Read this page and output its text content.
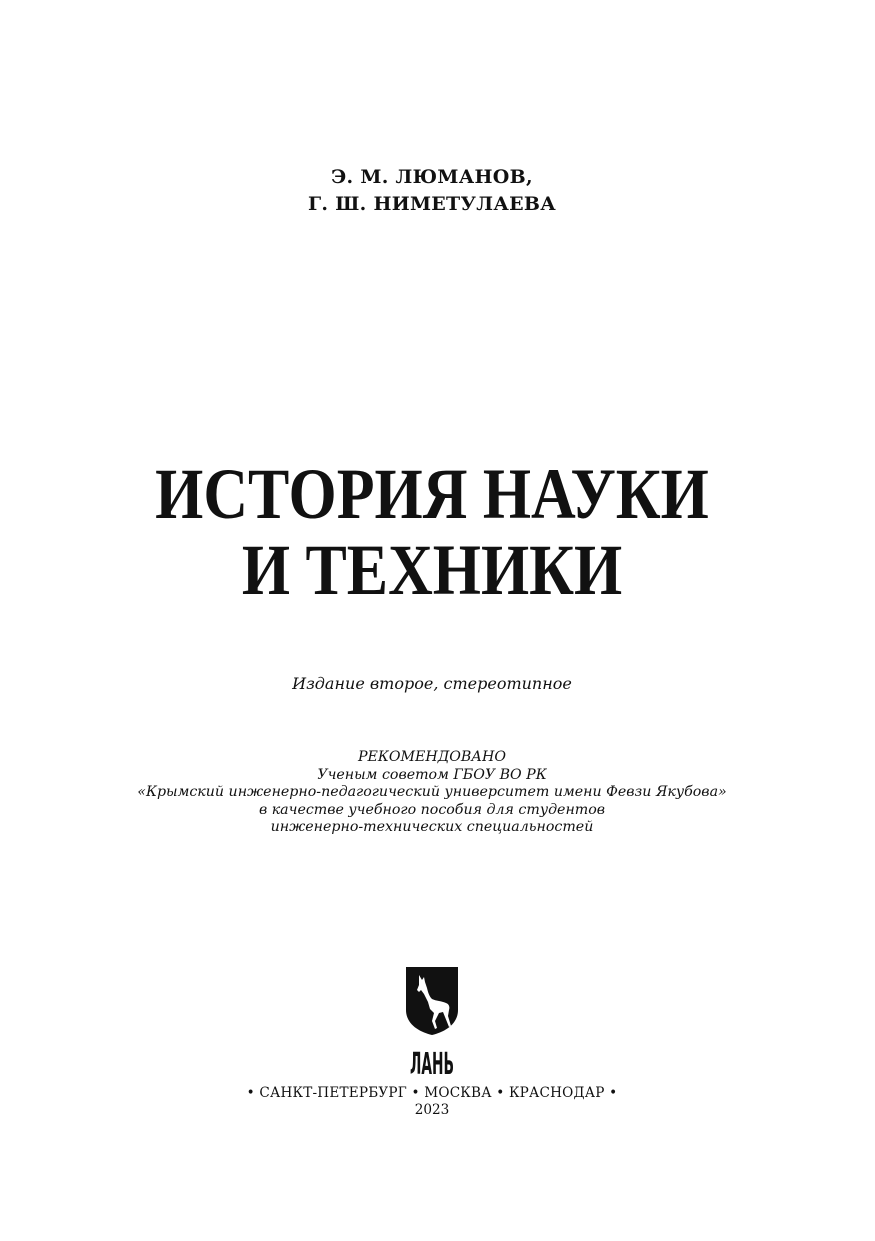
Э. М. ЛЮМАНОВ,
Г. Ш. НИМЕТУЛАЕВА
ИСТОРИЯ НАУКИ
И ТЕХНИКИ
Издание второе, стереотипное
РЕКОМЕНДОВАНО
Ученым советом ГБОУ ВО РК
«Крымский инженерно-педагогический университет имени Февзи Якубова»
в качестве учебного пособия для студентов
инженерно-технических специальностей
ЛАНЬ
• САНКТ-ПЕТЕРБУРГ • МОСКВА • КРАСНОДАР •
2023
